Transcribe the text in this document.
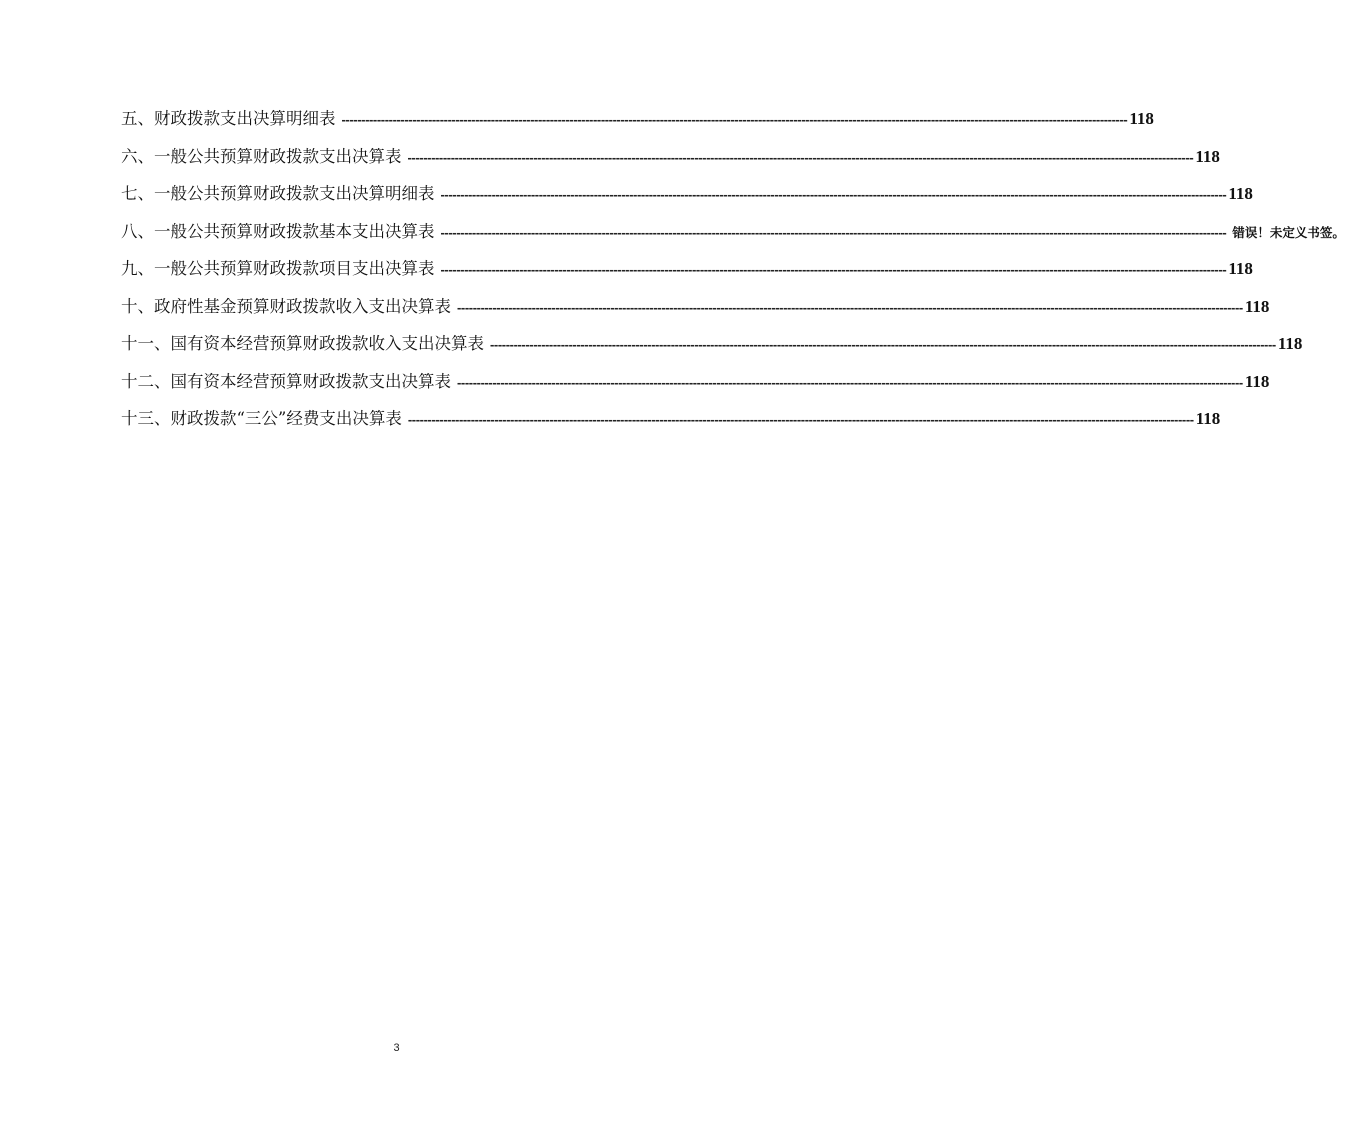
五、财政拨款支出决算明细表 -------------------------------------------------------------------------------------------------------------------------------------------------------------------------------------------------------- 118
六、一般公共预算财政拨款支出决算表 -------------------------------------------------------------------------------------------------------------------------------------------------------------------------------------------------------- 118
七、一般公共预算财政拨款支出决算明细表 -------------------------------------------------------------------------------------------------------------------------------------------------------------------------------------------------------- 118
八、一般公共预算财政拨款基本支出决算表 -------------------------------------------------------------------------------------------------------------------------------------------------------------------------------------------------------- 错误！未定义书签。
九、一般公共预算财政拨款项目支出决算表 -------------------------------------------------------------------------------------------------------------------------------------------------------------------------------------------------------- 118
十、政府性基金预算财政拨款收入支出决算表 -------------------------------------------------------------------------------------------------------------------------------------------------------------------------------------------------------- 118
十一、国有资本经营预算财政拨款收入支出决算表 -------------------------------------------------------------------------------------------------------------------------------------------------------------------------------------------------------- 118
十二、国有资本经营预算财政拨款支出决算表 -------------------------------------------------------------------------------------------------------------------------------------------------------------------------------------------------------- 118
十三、财政拨款“三公”经费支出决算表 -------------------------------------------------------------------------------------------------------------------------------------------------------------------------------------------------------- 118
3
